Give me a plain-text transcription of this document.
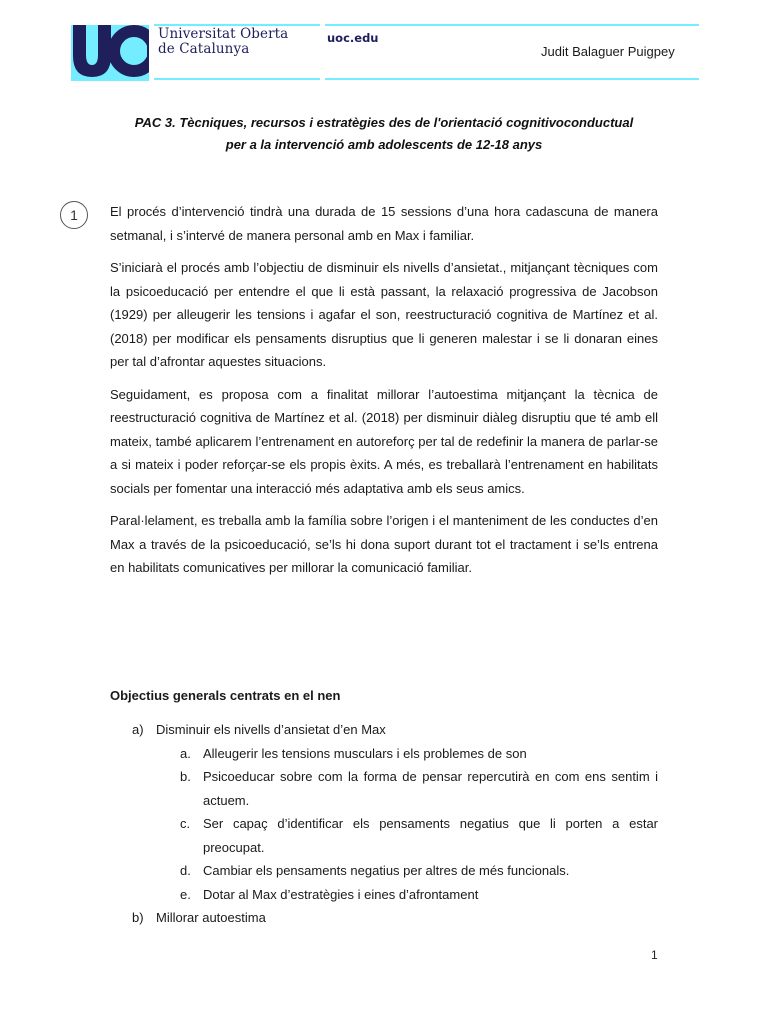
Universitat Oberta
de Catalunya
uoc.edu
Judit Balaguer Puigpey
PAC 3. Tècniques, recursos i estratègies des de l'orientació cognitivoconductual
per a la intervenció amb adolescents de 12-18 anys
1	El procés d’intervenció tindrà una durada de 15 sessions d’una hora cadascuna de manera setmanal, i s’intervé de manera personal amb en Max i familiar.

S’iniciarà el procés amb l’objectiu de disminuir els nivells d’ansietat., mitjançant tècniques com la psicoeducació per entendre el que li està passant, la relaxació progressiva de Jacobson (1929) per alleugerir les tensions i agafar el son, reestructuració cognitiva de Martínez et al. (2018) per modificar els pensaments disruptius que li generen malestar i se li donaran eines per tal d’afrontar aquestes situacions.

Seguidament, es proposa com a finalitat millorar l’autoestima mitjançant la tècnica de reestructuració cognitiva de Martínez et al. (2018) per disminuir diàleg disruptiu que té amb ell mateix, també aplicarem l’entrenament en autoreforç per tal de redefinir la manera de parlar-se a si mateix i poder reforçar-se els propis èxits. A més, es treballarà l’entrenament en habilitats socials per fomentar una interacció més adaptativa amb els seus amics.

Paral·lelament, es treballa amb la família sobre l’origen i el manteniment de les conductes d’en Max a través de la psicoeducació, se’ls hi dona suport durant tot el tractament i se’ls entrena en habilitats comunicatives per millorar la comunicació familiar.

Objectius generals centrats en el nen
a) Disminuir els nivells d’ansietat d’en Max
a. Alleugerir les tensions musculars i els problemes de son
b. Psicoeducar sobre com la forma de pensar repercutirà en com ens sentim i actuem.
c. Ser capaç d’identificar els pensaments negatius que li porten a estar preocupat.
d. Cambiar els pensaments negatius per altres de més funcionals.
e. Dotar al Max d’estratègies i eines d’afrontament
b) Millorar autoestima
1
